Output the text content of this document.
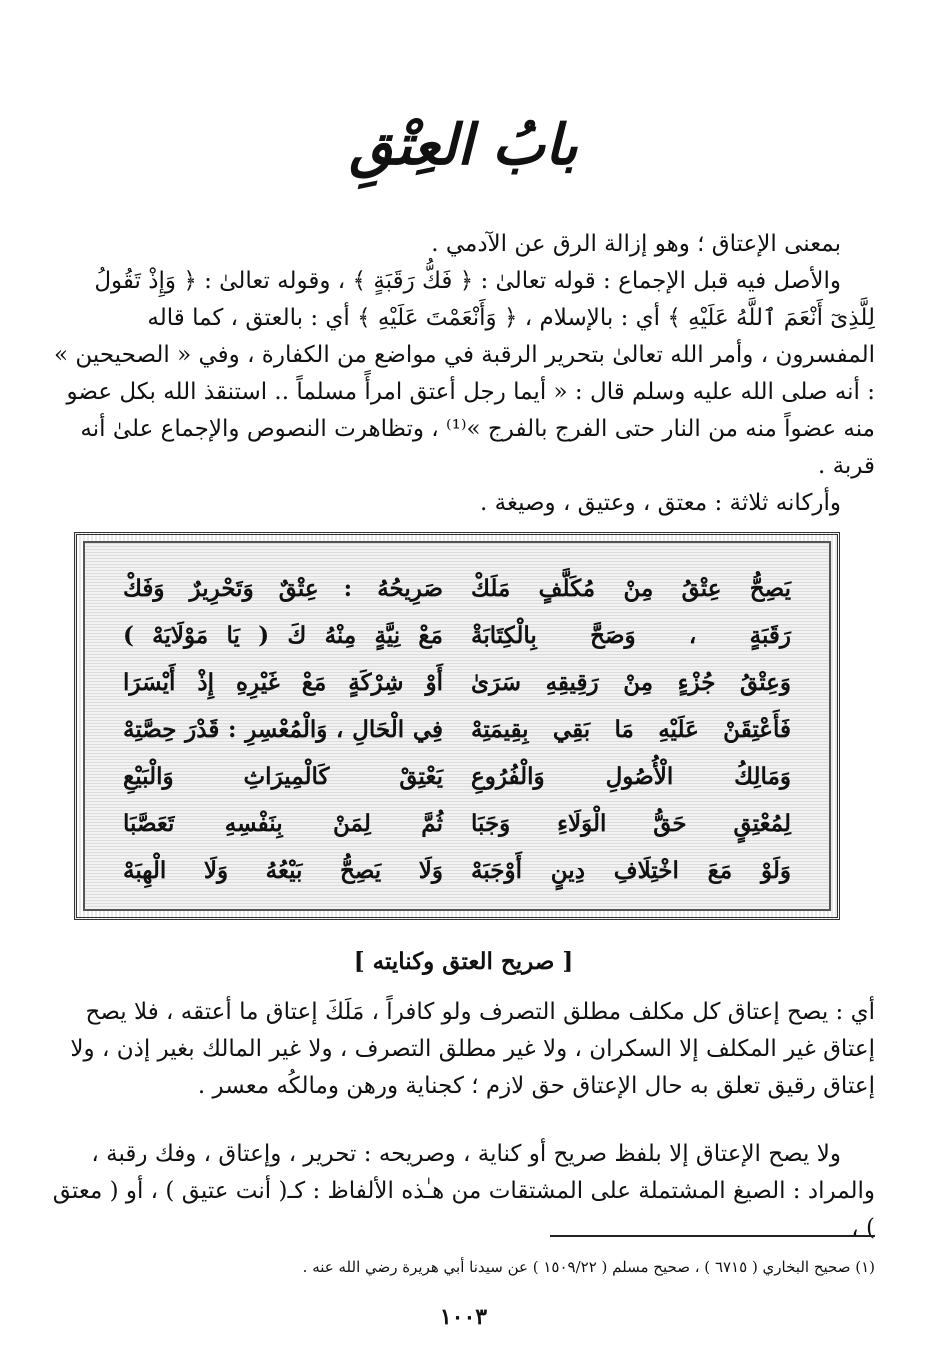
بابُ العِتْقِ

بمعنى الإعتاق ؛ وهو إزالة الرق عن الآدمي .

والأصل فيه قبل الإجماع : قوله تعالىٰ : ﴿ فَكُّ رَقَبَةٍ ﴾ ، وقوله تعالىٰ : ﴿ وَإِذْ تَقُولُ لِلَّذِىٓ أَنْعَمَ ٱللَّهُ عَلَيْهِ ﴾ أي : بالإسلام ، ﴿ وَأَنْعَمْتَ عَلَيْهِ ﴾ أي : بالعتق ، كما قاله المفسرون ، وأمر الله تعالىٰ بتحرير الرقبة في مواضع من الكفارة ، وفي « الصحيحين » : أنه صلى الله عليه وسلم قال : « أيما رجل أعتق امرأً مسلماً .. استنقذ الله بكل عضو منه عضواً منه من النار حتى الفرج بالفرج »⁽¹⁾ ، وتظاهرت النصوص والإجماع علىٰ أنه قربة .

وأركانه ثلاثة : معتق ، وعتيق ، وصيغة .

يَصِحُّ عِتْقُ مِنْ مُكَلَّفٍ مَلَكْ
صَرِيحُهُ : عِتْقٌ وَتَحْرِيرٌ وَفَكْ
رَقَبَةٍ ، وَصَحَّ بِالْكِتَابَةْ
مَعْ نِيَّةٍ مِنْهُ كَ ( يَا مَوْلَايَهْ )
وَعِتْقُ جُزْءٍ مِنْ رَقِيقِهِ سَرَىٰ
أَوْ شِرْكَةٍ مَعْ غَيْرِهِ إِذْ أَيْسَرَا
فَأَعْتِقَنْ عَلَيْهِ مَا بَقِي بِقِيمَتِهْ
فِي الْحَالِ ، وَالْمُعْسِرِ : قَدْرَ حِصَّتِهْ
وَمَالِكُ الْأُصُولِ وَالْفُرُوعِ
يَعْتِقْ كَالْمِيرَاثِ وَالْبَيْعِ
لِمُعْتِقٍ حَقُّ الْوَلَاءِ وَجَبَا
ثُمَّ لِمَنْ بِنَفْسِهِ تَعَصَّبَا
وَلَوْ مَعَ اخْتِلَافِ دِينٍ أَوْجَبَهْ
وَلَا يَصِحُّ بَيْعُهُ وَلَا الْهِبَهْ
[ صريح العتق وكنايته ]

أي : يصح إعتاق كل مكلف مطلق التصرف ولو كافراً ، مَلَكَ إعتاق ما أعتقه ، فلا يصح إعتاق غير المكلف إلا السكران ، ولا غير مطلق التصرف ، ولا غير المالك بغير إذن ، ولا إعتاق رقيق تعلق به حال الإعتاق حق لازم ؛ كجناية ورهن ومالكُه معسر .

ولا يصح الإعتاق إلا بلفظ صريح أو كناية ، وصريحه : تحرير ، وإعتاق ، وفك رقبة ، والمراد : الصيغ المشتملة على المشتقات من هـٰذه الألفاظ : كـ( أنت عتيق ) ، أو ( معتق ) ،

(١) صحيح البخاري ( ٦٧١٥ ) ، صحيح مسلم ( ١٥٠٩/٢٢ ) عن سيدنا أبي هريرة رضي الله عنه .
١٠٠٣
